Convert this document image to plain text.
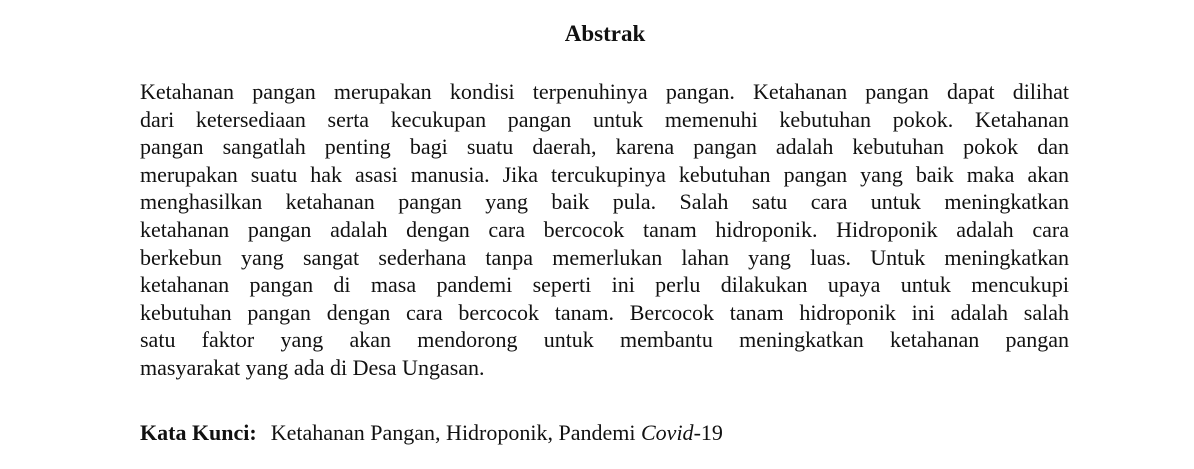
Abstrak
Ketahanan pangan merupakan kondisi terpenuhinya pangan. Ketahanan pangan dapat dilihat
dari ketersediaan serta kecukupan pangan untuk memenuhi kebutuhan pokok. Ketahanan
pangan sangatlah penting bagi suatu daerah, karena pangan adalah kebutuhan pokok dan
merupakan suatu hak asasi manusia. Jika tercukupinya kebutuhan pangan yang baik maka akan
menghasilkan ketahanan pangan yang baik pula. Salah satu cara untuk meningkatkan
ketahanan pangan adalah dengan cara bercocok tanam hidroponik. Hidroponik adalah cara
berkebun yang sangat sederhana tanpa memerlukan lahan yang luas. Untuk meningkatkan
ketahanan pangan di masa pandemi seperti ini perlu dilakukan upaya untuk mencukupi
kebutuhan pangan dengan cara bercocok tanam. Bercocok tanam hidroponik ini adalah salah
satu faktor yang akan mendorong untuk membantu meningkatkan ketahanan pangan
masyarakat yang ada di Desa Ungasan.
Kata Kunci: Ketahanan Pangan, Hidroponik, Pandemi Covid-19
